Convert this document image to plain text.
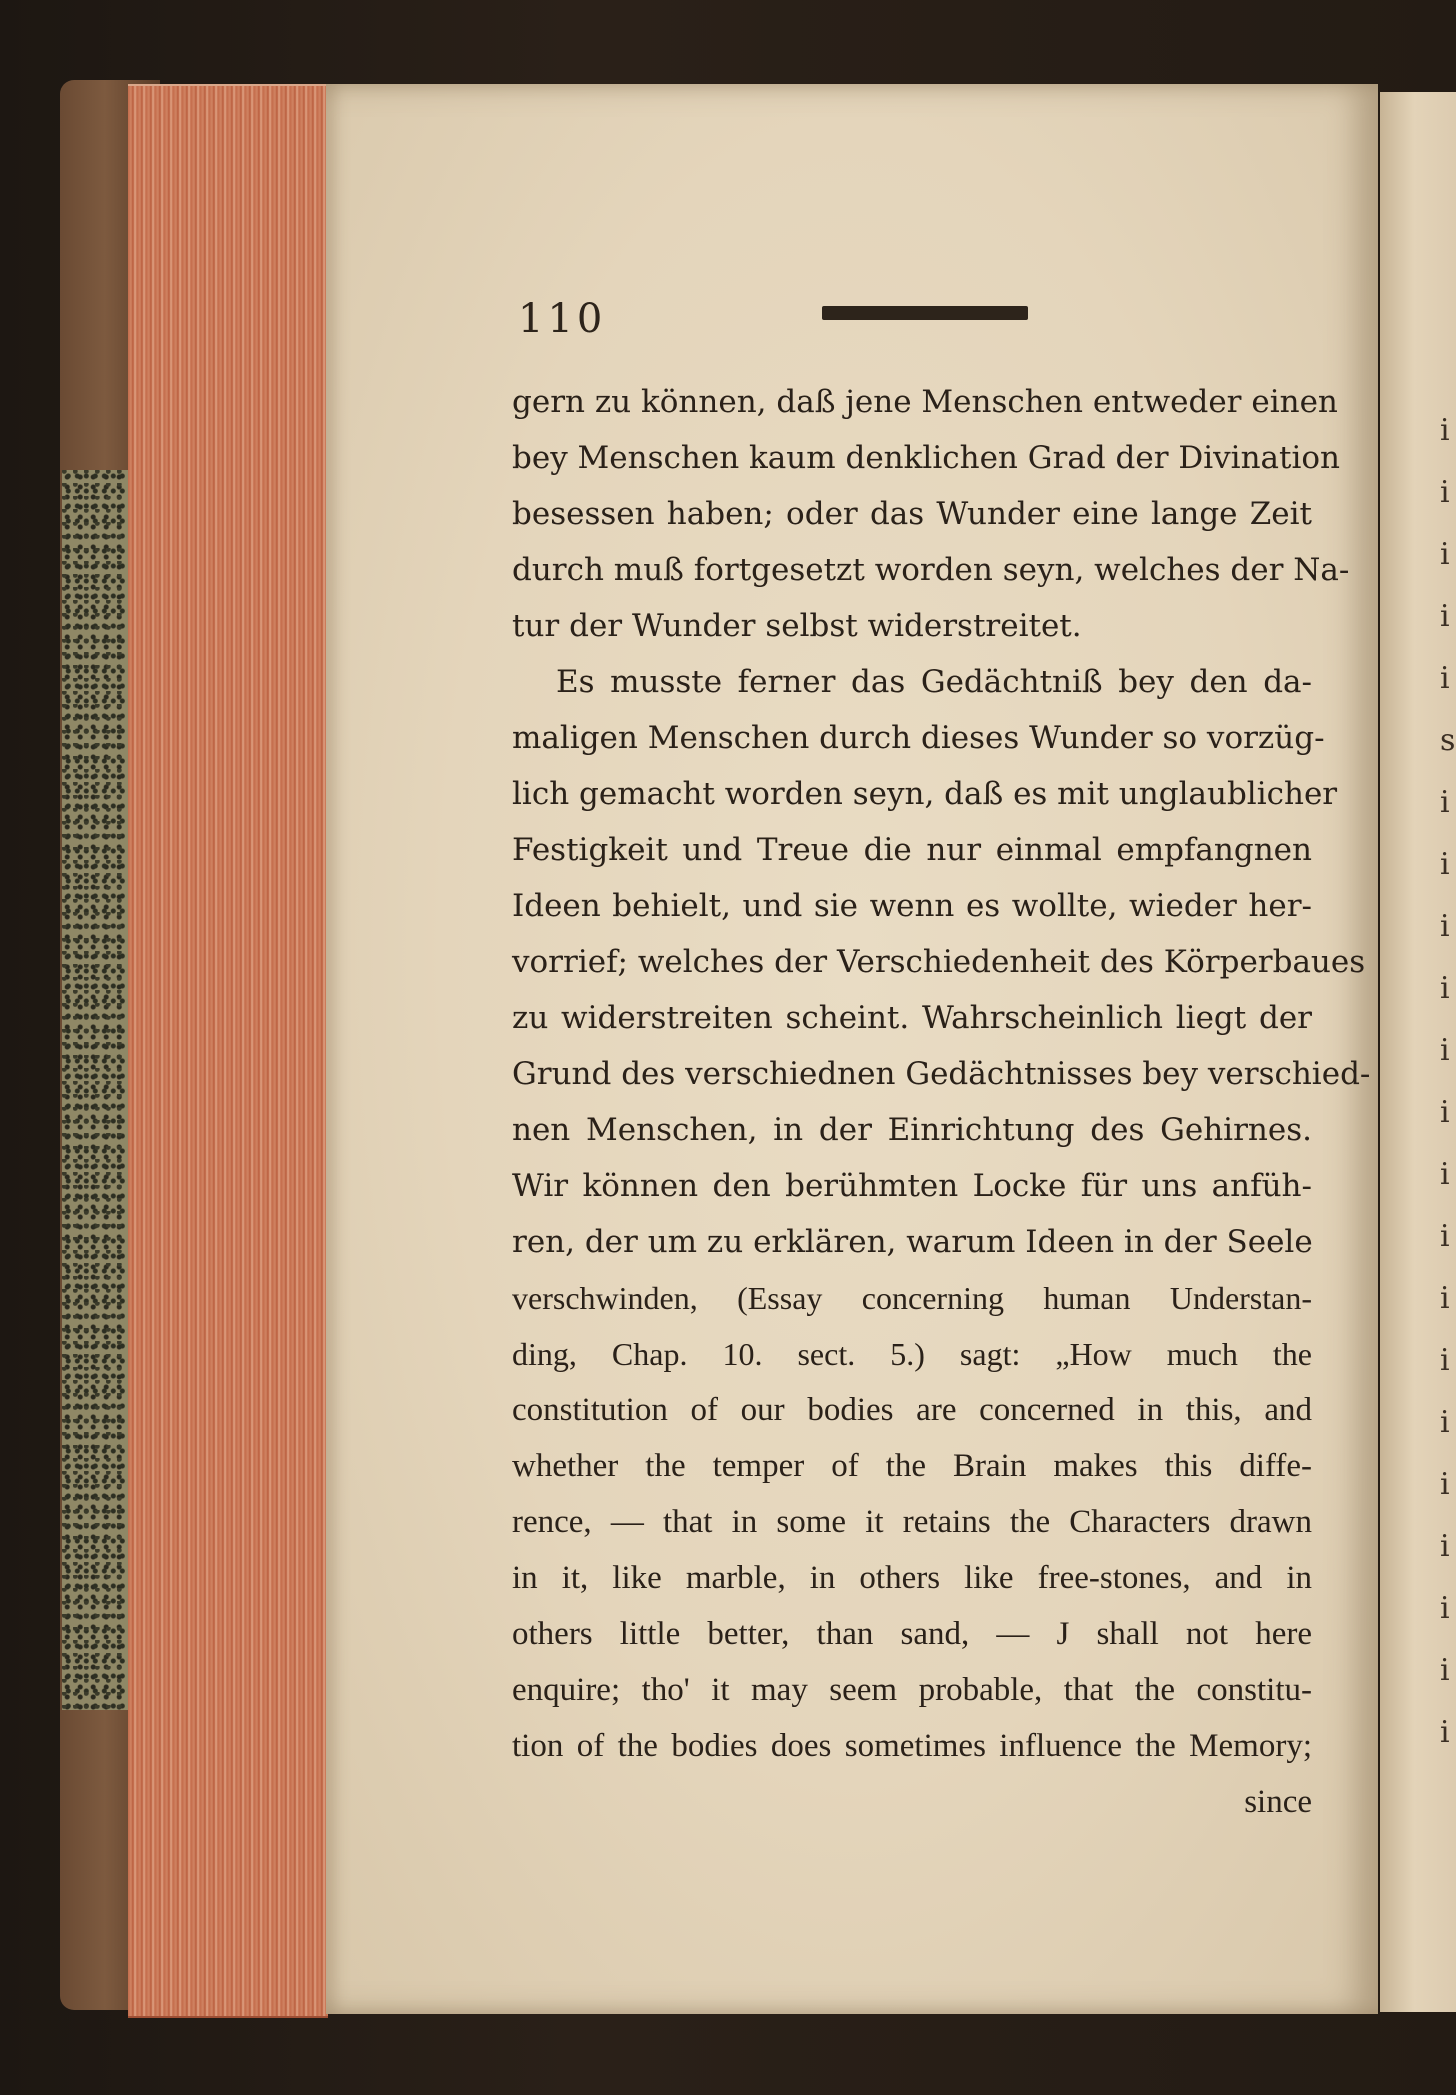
110
gern zu können, daß jene Menschen entweder einen
bey Menschen kaum denklichen Grad der Divination
besessen haben; oder das Wunder eine lange Zeit
durch muß fortgesetzt worden seyn, welches der Na-
tur der Wunder selbst widerstreitet.
Es musste ferner das Gedächtniß bey den da-
maligen Menschen durch dieses Wunder so vorzüg-
lich gemacht worden seyn, daß es mit unglaublicher
Festigkeit und Treue die nur einmal empfangnen
Ideen behielt, und sie wenn es wollte, wieder her-
vorrief; welches der Verschiedenheit des Körperbaues
zu widerstreiten scheint. Wahrscheinlich liegt der
Grund des verschiednen Gedächtnisses bey verschied-
nen Menschen, in der Einrichtung des Gehirnes.
Wir können den berühmten Locke für uns anfüh-
ren, der um zu erklären, warum Ideen in der Seele
verschwinden, (Essay concerning human Understan-
ding, Chap. 10. sect. 5.) sagt: „How much the
constitution of our bodies are concerned in this, and
whether the temper of the Brain makes this diffe-
rence, — that in some it retains the Characters drawn
in it, like marble, in others like free-stones, and in
others little better, than sand, — J shall not here
enquire; tho' it may seem probable, that the constitu-
tion of the bodies does sometimes influence the Memory;
since
i
i
i
i
i
s
i
i
i
i
i
i
i
i
i
i
i
i
i
i
i
i
